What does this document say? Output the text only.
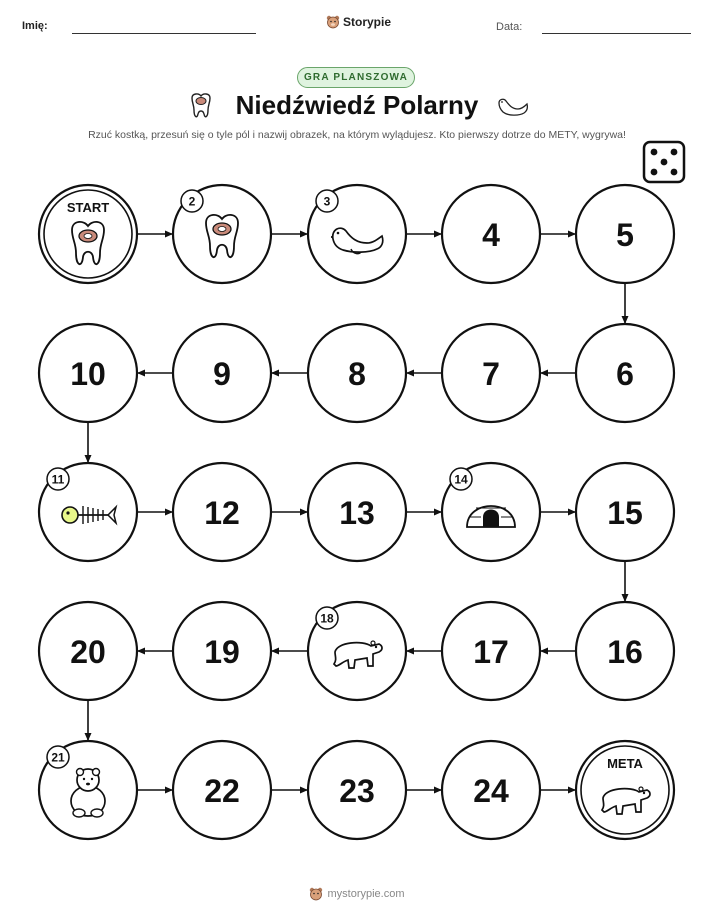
Imię:	Storypie	Data:
GRA PLANSZOWA
Niedźwiedź Polarny
Rzuć kostką, przesuń się o tyle pól i nazwij obrazek, na którym wylądujesz. Kto pierwszy dotrze do METY, wygrywa!
START	2	3
4	5
6
7
8
9
10
11
12	13
14
15
16
17
18
19
20
21
22	23	24
META
mystorypie.com
